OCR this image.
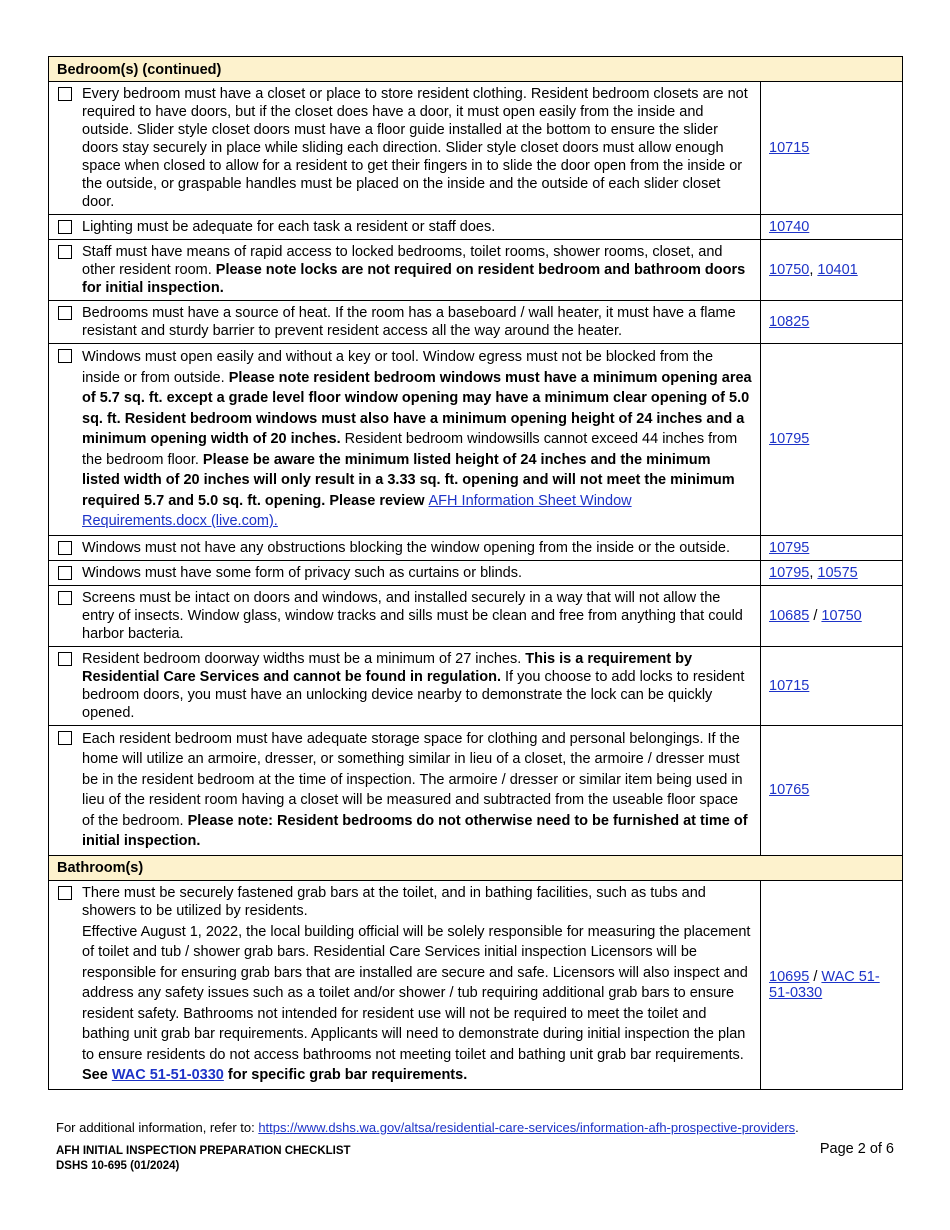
Bedroom(s) (continued)	

Every bedroom must have a closet or place to store resident clothing. Resident bedroom closets are not required to have doors, but if the closet does have a door, it must open easily from the inside and outside. Slider style closet doors must have a floor guide installed at the bottom to ensure the slider doors stay securely in place while sliding each direction. Slider style closet doors must allow enough space when closed to allow for a resident to get their fingers in to slide the door open from the inside or the outside, or graspable handles must be placed on the inside and the outside of each slider closet door.	10715

Lighting must be adequate for each task a resident or staff does.	10740

Staff must have means of rapid access to locked bedrooms, toilet rooms, shower rooms, closet, and other resident room. Please note locks are not required on resident bedroom and bathroom doors for initial inspection.	10750, 10401

Bedrooms must have a source of heat. If the room has a baseboard / wall heater, it must have a flame resistant and sturdy barrier to prevent resident access all the way around the heater.	10825

Windows must open easily and without a key or tool. Window egress must not be blocked from the inside or from outside. Please note resident bedroom windows must have a minimum opening area of 5.7 sq. ft. except a grade level floor window opening may have a minimum clear opening of 5.0 sq. ft. Resident bedroom windows must also have a minimum opening height of 24 inches and a minimum opening width of 20 inches. Resident bedroom windowsills cannot exceed 44 inches from the bedroom floor. Please be aware the minimum listed height of 24 inches and the minimum listed width of 20 inches will only result in a 3.33 sq. ft. opening and will not meet the minimum required 5.7 and 5.0 sq. ft. opening. Please review AFH Information Sheet Window Requirements.docx (live.com).	10795

Windows must not have any obstructions blocking the window opening from the inside or the outside.	10795

Windows must have some form of privacy such as curtains or blinds.	10795, 10575

Screens must be intact on doors and windows, and installed securely in a way that will not allow the entry of insects. Window glass, window tracks and sills must be clean and free from anything that could harbor bacteria.	10685 / 10750

Resident bedroom doorway widths must be a minimum of 27 inches. This is a requirement by Residential Care Services and cannot be found in regulation. If you choose to add locks to resident bedroom doors, you must have an unlocking device nearby to demonstrate the lock can be quickly opened.	10715

Each resident bedroom must have adequate storage space for clothing and personal belongings. If the home will utilize an armoire, dresser, or something similar in lieu of a closet, the armoire / dresser must be in the resident bedroom at the time of inspection. The armoire / dresser or similar item being used in lieu of the resident room having a closet will be measured and subtracted from the useable floor space of the bedroom. Please note: Resident bedrooms do not otherwise need to be furnished at time of initial inspection.	10765
Bathroom(s)	

There must be securely fastened grab bars at the toilet, and in bathing facilities, such as tubs and showers to be utilized by residents.
Effective August 1, 2022, the local building official will be solely responsible for measuring the placement of toilet and tub / shower grab bars. Residential Care Services initial inspection Licensors will be responsible for ensuring grab bars that are installed are secure and safe. Licensors will also inspect and address any safety issues such as a toilet and/or shower / tub requiring additional grab bars to ensure resident safety. Bathrooms not intended for resident use will not be required to meet the toilet and bathing unit grab bar requirements. Applicants will need to demonstrate during initial inspection the plan to ensure residents do not access bathrooms not meeting toilet and bathing unit grab bar requirements. See WAC 51-51-0330 for specific grab bar requirements.	10695 / WAC 51-51-0330
For additional information, refer to: https://www.dshs.wa.gov/altsa/residential-care-services/information-afh-prospective-providers.
AFH INITIAL INSPECTION PREPARATION CHECKLIST
DSHS 10-695 (01/2024)
Page 2 of 6
